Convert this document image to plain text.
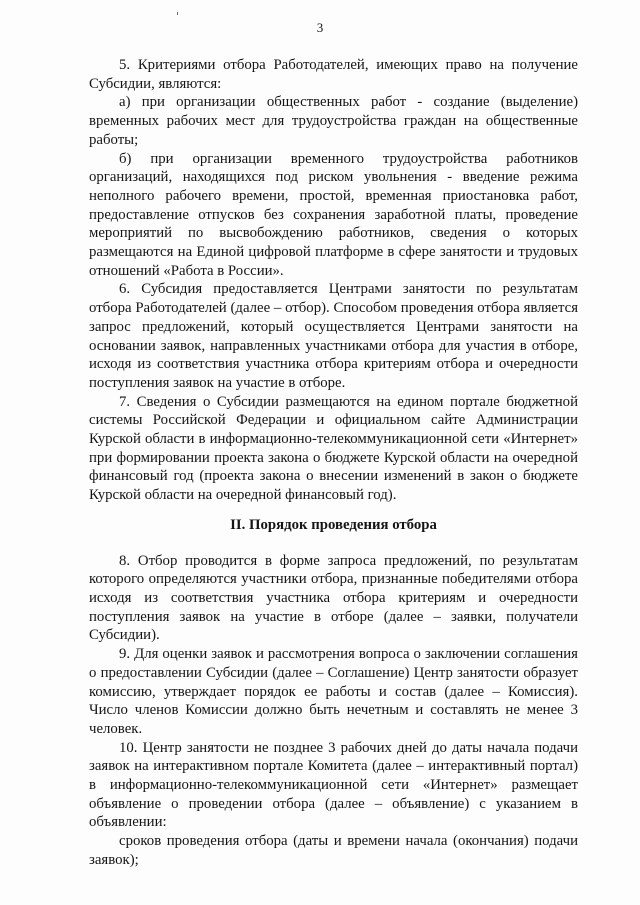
3

5. Критериями отбора Работодателей, имеющих право на получение Субсидии, являются:

а) при организации общественных работ - создание (выделение) временных рабочих мест для трудоустройства граждан на общественные работы;

б) при организации временного трудоустройства работников организаций, находящихся под риском увольнения - введение режима неполного рабочего времени, простой, временная приостановка работ, предоставление отпусков без сохранения заработной платы, проведение мероприятий по высвобождению работников, сведения о которых размещаются на Единой цифровой платформе в сфере занятости и трудовых отношений «Работа в России».

6. Субсидия предоставляется Центрами занятости по результатам отбора Работодателей (далее – отбор). Способом проведения отбора является запрос предложений, который осуществляется Центрами занятости на основании заявок, направленных участниками отбора для участия в отборе, исходя из соответствия участника отбора критериям отбора и очередности поступления заявок на участие в отборе.

7. Сведения о Субсидии размещаются на едином портале бюджетной системы Российской Федерации и официальном сайте Администрации Курской области в информационно-телекоммуникационной сети «Интернет» при формировании проекта закона о бюджете Курской области на очередной финансовый год (проекта закона о внесении изменений в закон о бюджете Курской области на очередной финансовый год).

II. Порядок проведения отбора

8. Отбор проводится в форме запроса предложений, по результатам которого определяются участники отбора, признанные победителями отбора исходя из соответствия участника отбора критериям и очередности поступления заявок на участие в отборе (далее – заявки, получатели Субсидии).

9. Для оценки заявок и рассмотрения вопроса о заключении соглашения о предоставлении Субсидии (далее – Соглашение) Центр занятости образует комиссию, утверждает порядок ее работы и состав (далее – Комиссия). Число членов Комиссии должно быть нечетным и составлять не менее 3 человек.

10. Центр занятости не позднее 3 рабочих дней до даты начала подачи заявок на интерактивном портале Комитета (далее – интерактивный портал) в информационно-телекоммуникационной сети «Интернет» размещает объявление о проведении отбора (далее – объявление) с указанием в объявлении:

сроков проведения отбора (даты и времени начала (окончания) подачи заявок);
